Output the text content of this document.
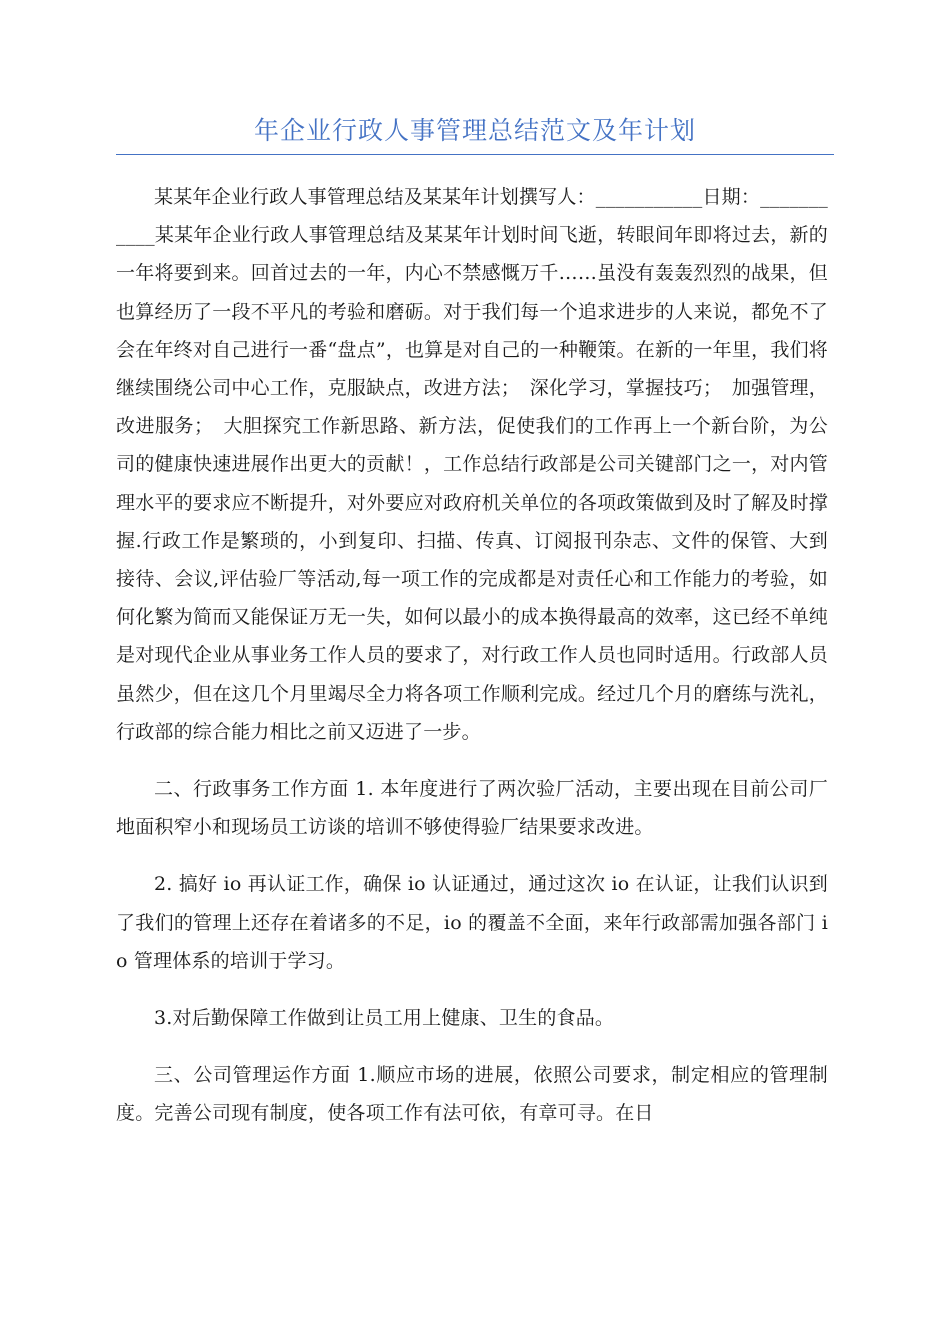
年企业行政人事管理总结范文及年计划

某某年企业行政人事管理总结及某某年计划撰写人：___________日期：___________某某年企业行政人事管理总结及某某年计划时间飞逝，转眼间年即将过去，新的一年将要到来。回首过去的一年，内心不禁感慨万千……虽没有轰轰烈烈的战果，但也算经历了一段不平凡的考验和磨砺。对于我们每一个追求进步的人来说，都免不了会在年终对自己进行一番“盘点”，也算是对自己的一种鞭策。在新的一年里，我们将继续围绕公司中心工作，克服缺点，改进方法；　深化学习，掌握技巧；　加强管理，改进服务；　大胆探究工作新思路、新方法，促使我们的工作再上一个新台阶，为公司的健康快速进展作出更大的贡献！，工作总结行政部是公司关键部门之一，对内管理水平的要求应不断提升，对外要应对政府机关单位的各项政策做到及时了解及时撑握.行政工作是繁琐的，小到复印、扫描、传真、订阅报刊杂志、文件的保管、大到接待、会议,评估验厂等活动,每一项工作的完成都是对责任心和工作能力的考验，如何化繁为简而又能保证万无一失，如何以最小的成本换得最高的效率，这已经不单纯是对现代企业从事业务工作人员的要求了，对行政工作人员也同时适用。行政部人员虽然少，但在这几个月里竭尽全力将各项工作顺利完成。经过几个月的磨练与洗礼，行政部的综合能力相比之前又迈进了一步。

二、行政事务工作方面 1. 本年度进行了两次验厂活动，主要出现在目前公司厂地面积窄小和现场员工访谈的培训不够使得验厂结果要求改进。

2. 搞好 io 再认证工作，确保 io 认证通过，通过这次 io 在认证，让我们认识到了我们的管理上还存在着诸多的不足，io 的覆盖不全面，来年行政部需加强各部门 io 管理体系的培训于学习。

3.对后勤保障工作做到让员工用上健康、卫生的食品。

三、公司管理运作方面 1.顺应市场的进展，依照公司要求，制定相应的管理制度。完善公司现有制度，使各项工作有法可依，有章可寻。在日
